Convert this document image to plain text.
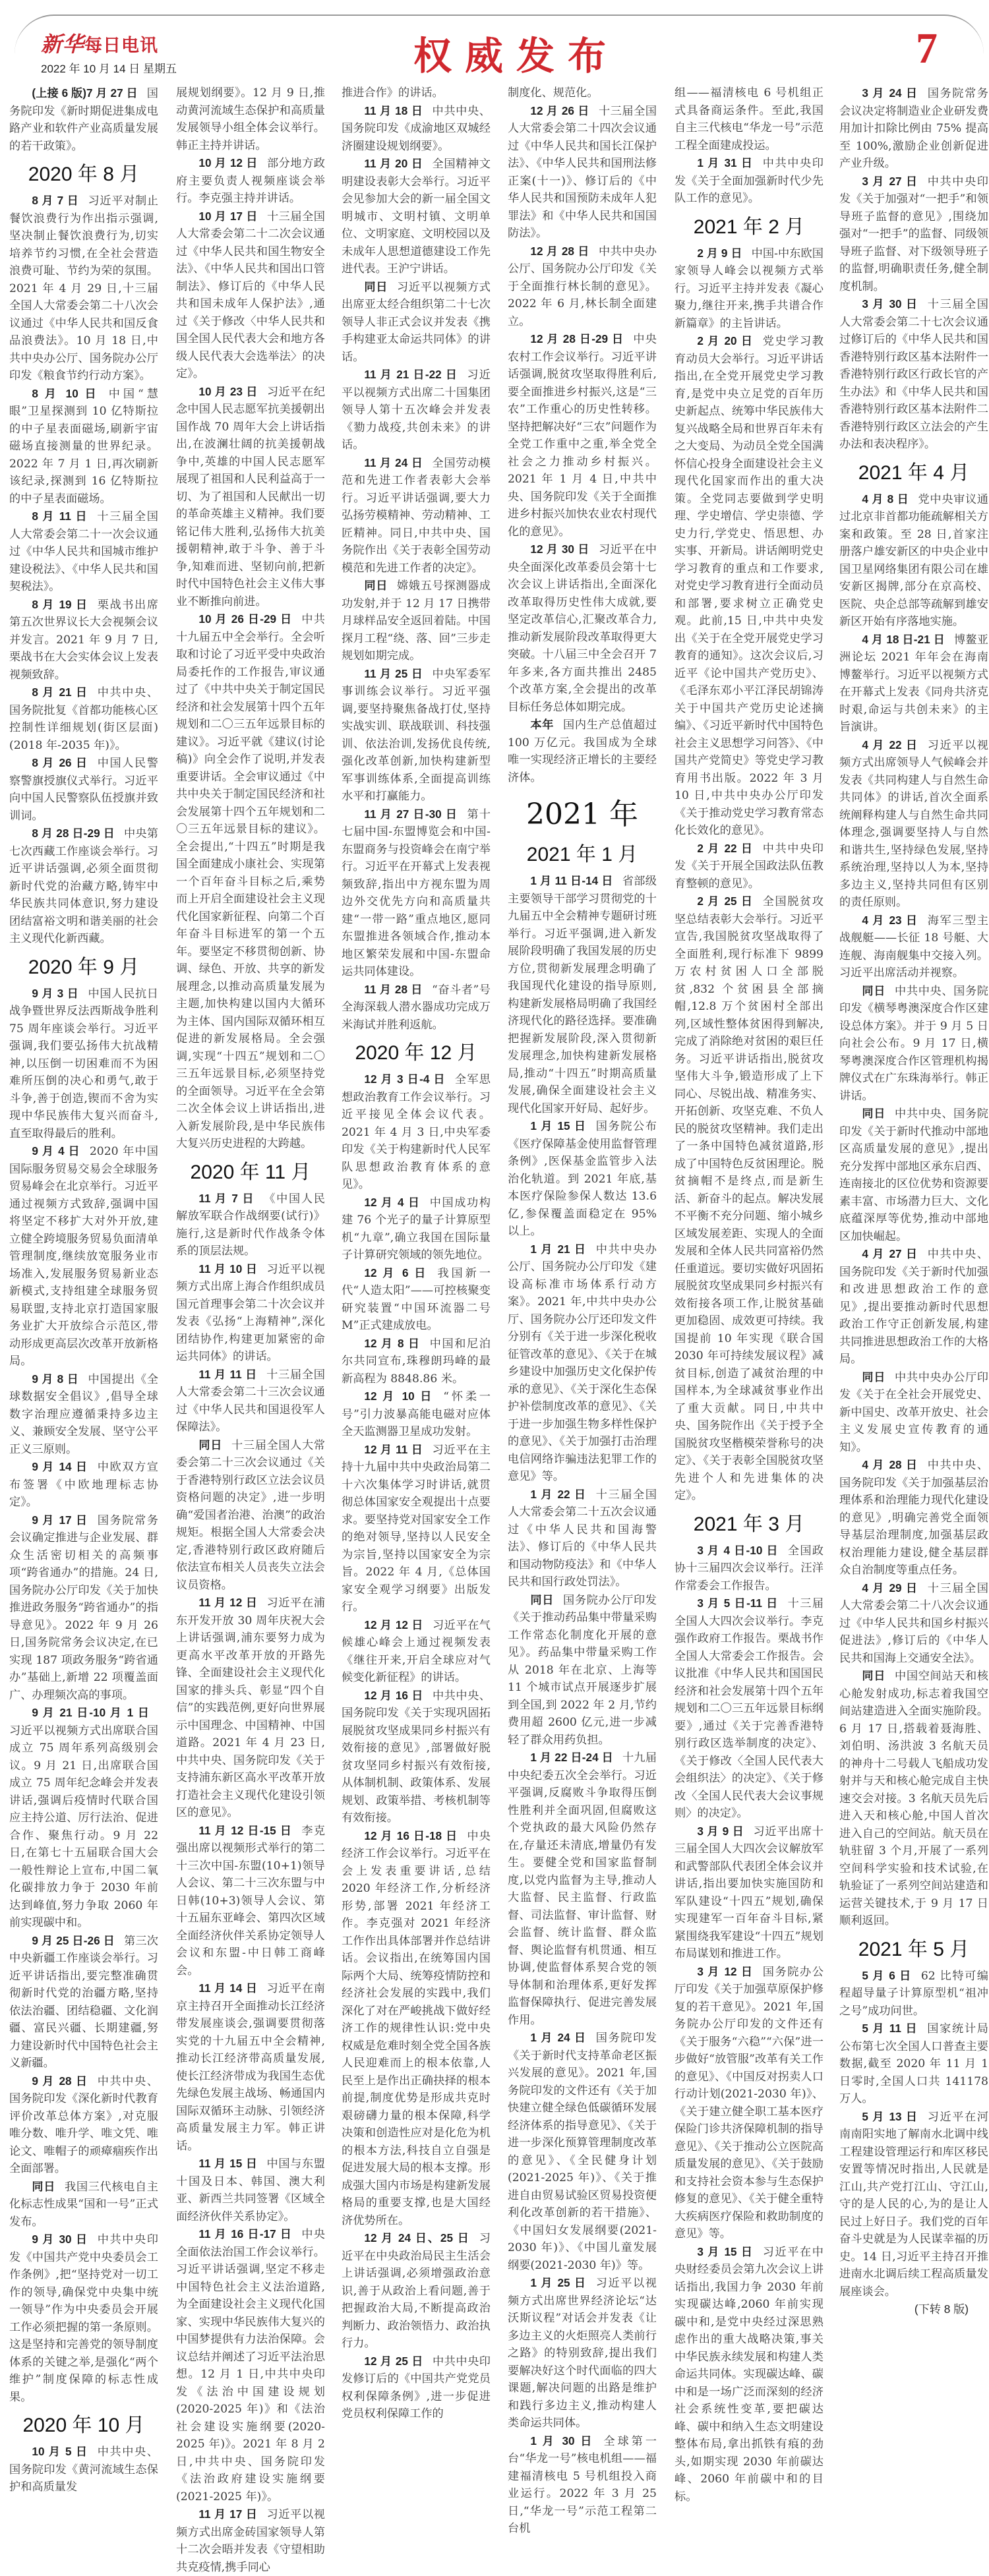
新华每日电讯
2022 年 10 月 14 日 星期五	权威发布	7

(上接 6 版)7 月 27 日 国务院印发《新时期促进集成电路产业和软件产业高质量发展的若干政策》。

2020 年 8 月

8 月 7 日 习近平对制止餐饮浪费行为作出指示强调,坚决制止餐饮浪费行为,切实培养节约习惯,在全社会营造浪费可耻、节约为荣的氛围。2021 年 4 月 29 日,十三届全国人大常委会第二十八次会议通过《中华人民共和国反食品浪费法》。10 月 18 日,中共中央办公厅、国务院办公厅印发《粮食节约行动方案》。

8 月 10 日 中国“慧眼”卫星探测到 10 亿特斯拉的中子星表面磁场,刷新宇宙磁场直接测量的世界纪录。2022 年 7 月 1 日,再次刷新该纪录,探测到 16 亿特斯拉的中子星表面磁场。

8 月 11 日 十三届全国人大常委会第二十一次会议通过《中华人民共和国城市维护建设税法》、《中华人民共和国契税法》。

8 月 19 日 栗战书出席第五次世界议长大会视频会议并发言。2021 年 9 月 7 日,栗战书在大会实体会议上发表视频致辞。

8 月 21 日 中共中央、国务院批复《首都功能核心区控制性详细规划(街区层面)(2018 年-2035 年)》。

8 月 26 日 中国人民警察警旗授旗仪式举行。习近平向中国人民警察队伍授旗并致训词。

8 月 28 日-29 日 中央第七次西藏工作座谈会举行。习近平讲话强调,必须全面贯彻新时代党的治藏方略,铸牢中华民族共同体意识,努力建设团结富裕文明和谐美丽的社会主义现代化新西藏。

2020 年 9 月

9 月 3 日 中国人民抗日战争暨世界反法西斯战争胜利 75 周年座谈会举行。习近平强调,我们要弘扬伟大抗战精神,以压倒一切困难而不为困难所压倒的决心和勇气,敢于斗争,善于创造,锲而不舍为实现中华民族伟大复兴而奋斗,直至取得最后的胜利。

9 月 4 日 2020 年中国国际服务贸易交易会全球服务贸易峰会在北京举行。习近平通过视频方式致辞,强调中国将坚定不移扩大对外开放,建立健全跨境服务贸易负面清单管理制度,继续放宽服务业市场准入,发展服务贸易新业态新模式,支持组建全球服务贸易联盟,支持北京打造国家服务业扩大开放综合示范区,带动形成更高层次改革开放新格局。

9 月 8 日 中国提出《全球数据安全倡议》,倡导全球数字治理应遵循秉持多边主义、兼顾安全发展、坚守公平正义三原则。

9 月 14 日 中欧双方宣布签署《中欧地理标志协定》。

9 月 17 日 国务院常务会议确定推进与企业发展、群众生活密切相关的高频事项“跨省通办”的措施。24 日,国务院办公厅印发《关于加快推进政务服务“跨省通办”的指导意见》。2022 年 9 月 26 日,国务院常务会议决定,在已实现 187 项政务服务“跨省通办”基础上,新增 22 项覆盖面广、办理频次高的事项。

9 月 21 日-10 月 1 日习近平以视频方式出席联合国成立 75 周年系列高级别会议。9 月 21 日,出席联合国成立 75 周年纪念峰会并发表讲话,强调后疫情时代联合国应主持公道、厉行法治、促进合作、聚焦行动。9 月 22 日,在第七十五届联合国大会一般性辩论上宣布,中国二氧化碳排放力争于 2030 年前达到峰值,努力争取 2060 年前实现碳中和。

9 月 25 日-26 日 第三次中央新疆工作座谈会举行。习近平讲话指出,要完整准确贯彻新时代党的治疆方略,坚持依法治疆、团结稳疆、文化润疆、富民兴疆、长期建疆,努力建设新时代中国特色社会主义新疆。

9 月 28 日 中共中央、国务院印发《深化新时代教育评价改革总体方案》,对克服唯分数、唯升学、唯文凭、唯论文、唯帽子的顽瘴痼疾作出全面部署。

同日 我国三代核电自主化标志性成果“国和一号”正式发布。

9 月 30 日 中共中央印发《中国共产党中央委员会工作条例》,把“坚持党对一切工作的领导,确保党中央集中统一领导”作为中央委员会开展工作必须把握的第一条原则。这是坚持和完善党的领导制度体系的关键之举,是强化“两个维护”制度保障的标志性成果。

2020 年 10 月

10 月 5 日 中共中央、国务院印发《黄河流域生态保护和高质量发

展规划纲要》。12 月 9 日,推动黄河流域生态保护和高质量发展领导小组全体会议举行。韩正主持并讲话。

10 月 12 日 部分地方政府主要负责人视频座谈会举行。李克强主持并讲话。

10 月 17 日 十三届全国人大常委会第二十二次会议通过《中华人民共和国生物安全法》、《中华人民共和国出口管制法》、修订后的《中华人民共和国未成年人保护法》,通过《关于修改〈中华人民共和国全国人民代表大会和地方各级人民代表大会选举法〉的决定》。

10 月 23 日 习近平在纪念中国人民志愿军抗美援朝出国作战 70 周年大会上讲话指出,在波澜壮阔的抗美援朝战争中,英雄的中国人民志愿军展现了祖国和人民利益高于一切、为了祖国和人民献出一切的革命英雄主义精神。我们要铭记伟大胜利,弘扬伟大抗美援朝精神,敢于斗争、善于斗争,知难而进、坚韧向前,把新时代中国特色社会主义伟大事业不断推向前进。

10 月 26 日-29 日 中共十九届五中全会举行。全会听取和讨论了习近平受中央政治局委托作的工作报告,审议通过了《中共中央关于制定国民经济和社会发展第十四个五年规划和二〇三五年远景目标的建议》。习近平就《建议(讨论稿)》向全会作了说明,并发表重要讲话。全会审议通过《中共中央关于制定国民经济和社会发展第十四个五年规划和二〇三五年远景目标的建议》。全会提出,“十四五”时期是我国全面建成小康社会、实现第一个百年奋斗目标之后,乘势而上开启全面建设社会主义现代化国家新征程、向第二个百年奋斗目标进军的第一个五年。要坚定不移贯彻创新、协调、绿色、开放、共享的新发展理念,以推动高质量发展为主题,加快构建以国内大循环为主体、国内国际双循环相互促进的新发展格局。全会强调,实现“十四五”规划和二〇三五年远景目标,必须坚持党的全面领导。习近平在全会第二次全体会议上讲话指出,进入新发展阶段,是中华民族伟大复兴历史进程的大跨越。

2020 年 11 月

11 月 7 日 《中国人民解放军联合作战纲要(试行)》施行,这是新时代作战条令体系的顶层法规。

11 月 10 日 习近平以视频方式出席上海合作组织成员国元首理事会第二十次会议并发表《弘扬“上海精神”,深化团结协作,构建更加紧密的命运共同体》的讲话。

11 月 11 日 十三届全国人大常委会第二十三次会议通过《中华人民共和国退役军人保障法》。

同日 十三届全国人大常委会第二十三次会议通过《关于香港特别行政区立法会议员资格问题的决定》,进一步明确“爱国者治港、治澳”的政治规矩。根据全国人大常委会决定,香港特别行政区政府随后依法宣布相关人员丧失立法会议员资格。

11 月 12 日 习近平在浦东开发开放 30 周年庆祝大会上讲话强调,浦东要努力成为更高水平改革开放的开路先锋、全面建设社会主义现代化国家的排头兵、彰显“四个自信”的实践范例,更好向世界展示中国理念、中国精神、中国道路。2021 年 4 月 23 日,中共中央、国务院印发《关于支持浦东新区高水平改革开放打造社会主义现代化建设引领区的意见》。

11 月 12 日-15 日 李克强出席以视频形式举行的第二十三次中国-东盟(10+1)领导人会议、第二十三次东盟与中日韩(10+3)领导人会议、第十五届东亚峰会、第四次区域全面经济伙伴关系协定领导人会议和东盟-中日韩工商峰会。

11 月 14 日 习近平在南京主持召开全面推动长江经济带发展座谈会,强调要贯彻落实党的十九届五中全会精神,推动长江经济带高质量发展,使长江经济带成为我国生态优先绿色发展主战场、畅通国内国际双循环主动脉、引领经济高质量发展主力军。韩正讲话。

11 月 15 日 中国与东盟十国及日本、韩国、澳大利亚、新西兰共同签署《区域全面经济伙伴关系协定》。

11 月 16 日-17 日 中央全面依法治国工作会议举行。习近平讲话强调,坚定不移走中国特色社会主义法治道路,为全面建设社会主义现代化国家、实现中华民族伟大复兴的中国梦提供有力法治保障。会议总结并阐述了习近平法治思想。12 月 1 日,中共中央印发《法治中国建设规划(2020-2025 年)》和《法治社会建设实施纲要(2020-2025 年)》。2021 年 8 月 2 日,中共中央、国务院印发《法治政府建设实施纲要(2021-2025 年)》。

11 月 17 日 习近平以视频方式出席金砖国家领导人第十二次会晤并发表《守望相助共克疫情,携手同心

推进合作》的讲话。

11 月 18 日 中共中央、国务院印发《成渝地区双城经济圈建设规划纲要》。

11 月 20 日 全国精神文明建设表彰大会举行。习近平会见参加大会的新一届全国文明城市、文明村镇、文明单位、文明家庭、文明校园以及未成年人思想道德建设工作先进代表。王沪宁讲话。

同日 习近平以视频方式出席亚太经合组织第二十七次领导人非正式会议并发表《携手构建亚太命运共同体》的讲话。

11 月 21 日-22 日 习近平以视频方式出席二十国集团领导人第十五次峰会并发表《勠力战疫,共创未来》的讲话。

11 月 24 日 全国劳动模范和先进工作者表彰大会举行。习近平讲话强调,要大力弘扬劳模精神、劳动精神、工匠精神。同日,中共中央、国务院作出《关于表彰全国劳动模范和先进工作者的决定》。

同日 嫦娥五号探测器成功发射,并于 12 月 17 日携带月球样品安全返回着陆。中国探月工程“绕、落、回”三步走规划如期完成。

11 月 25 日 中央军委军事训练会议举行。习近平强调,要坚持聚焦备战打仗,坚持实战实训、联战联训、科技强训、依法治训,发扬优良传统,强化改革创新,加快构建新型军事训练体系,全面提高训练水平和打赢能力。

11 月 27 日-30 日 第十七届中国-东盟博览会和中国-东盟商务与投资峰会在南宁举行。习近平在开幕式上发表视频致辞,指出中方视东盟为周边外交优先方向和高质量共建“一带一路”重点地区,愿同东盟推进各领域合作,推动本地区繁荣发展和中国-东盟命运共同体建设。

11 月 28 日 “奋斗者”号全海深载人潜水器成功完成万米海试并胜利返航。

2020 年 12 月

12 月 3 日-4 日 全军思想政治教育工作会议举行。习近平接见全体会议代表。2021 年 4 月 3 日,中央军委印发《关于构建新时代人民军队思想政治教育体系的意见》。

12 月 4 日 中国成功构建 76 个光子的量子计算原型机“九章”,确立我国在国际量子计算研究领域的领先地位。

12 月 6 日 我国新一代“人造太阳”——可控核聚变研究装置“中国环流器二号 M”正式建成放电。

12 月 8 日 中国和尼泊尔共同宣布,珠穆朗玛峰的最新高程为 8848.86 米。

12 月 10 日 “怀柔一号”引力波暴高能电磁对应体全天监测器卫星成功发射。

12 月 11 日 习近平在主持十九届中共中央政治局第二十六次集体学习时讲话,就贯彻总体国家安全观提出十点要求。要坚持党对国家安全工作的绝对领导,坚持以人民安全为宗旨,坚持以国家安全为宗旨。2022 年 4 月,《总体国家安全观学习纲要》出版发行。

12 月 12 日 习近平在气候雄心峰会上通过视频发表《继往开来,开启全球应对气候变化新征程》的讲话。

12 月 16 日 中共中央、国务院印发《关于实现巩固拓展脱贫攻坚成果同乡村振兴有效衔接的意见》,部署做好脱贫攻坚同乡村振兴有效衔接,从体制机制、政策体系、发展规划、政策举措、考核机制等有效衔接。

12 月 16 日-18 日 中央经济工作会议举行。习近平在会上发表重要讲话,总结 2020 年经济工作,分析经济形势,部署 2021 年经济工作。李克强对 2021 年经济工作作出具体部署并作总结讲话。会议指出,在统筹国内国际两个大局、统筹疫情防控和经济社会发展的实践中,我们深化了对在严峻挑战下做好经济工作的规律性认识:党中央权威是危难时刻全党全国各族人民迎难而上的根本依靠,人民至上是作出正确抉择的根本前提,制度优势是形成共克时艰磅礴力量的根本保障,科学决策和创造性应对是化危为机的根本方法,科技自立自强是促进发展大局的根本支撑。形成强大国内市场是构建新发展格局的重要支撑,也是大国经济优势所在。

12 月 24 日、25 日 习近平在中央政治局民主生活会上讲话强调,必须增强政治意识,善于从政治上看问题,善于把握政治大局,不断提高政治判断力、政治领悟力、政治执行力。

12 月 25 日 中共中央印发修订后的《中国共产党党员权利保障条例》,进一步促进党员权利保障工作的

制度化、规范化。

12 月 26 日 十三届全国人大常委会第二十四次会议通过《中华人民共和国长江保护法》、《中华人民共和国刑法修正案(十一)》、修订后的《中华人民共和国预防未成年人犯罪法》和《中华人民共和国国防法》。

12 月 28 日 中共中央办公厅、国务院办公厅印发《关于全面推行林长制的意见》。2022 年 6 月,林长制全面建立。

12 月 28 日-29 日 中央农村工作会议举行。习近平讲话强调,脱贫攻坚取得胜利后,要全面推进乡村振兴,这是“三农”工作重心的历史性转移。坚持把解决好“三农”问题作为全党工作重中之重,举全党全社会之力推动乡村振兴。2021 年 1 月 4 日,中共中央、国务院印发《关于全面推进乡村振兴加快农业农村现代化的意见》。

12 月 30 日 习近平在中央全面深化改革委员会第十七次会议上讲话指出,全面深化改革取得历史性伟大成就,要坚定改革信心,汇聚改革合力,推动新发展阶段改革取得更大突破。十八届三中全会召开 7 年多来,各方面共推出 2485 个改革方案,全会提出的改革目标任务总体如期完成。

本年 国内生产总值超过 100 万亿元。我国成为全球唯一实现经济正增长的主要经济体。

2021 年
2021 年 1 月

1 月 11 日-14 日 省部级主要领导干部学习贯彻党的十九届五中全会精神专题研讨班举行。习近平强调,进入新发展阶段明确了我国发展的历史方位,贯彻新发展理念明确了我国现代化建设的指导原则,构建新发展格局明确了我国经济现代化的路径选择。要准确把握新发展阶段,深入贯彻新发展理念,加快构建新发展格局,推动“十四五”时期高质量发展,确保全面建设社会主义现代化国家开好局、起好步。

1 月 15 日 国务院公布《医疗保障基金使用监督管理条例》,医保基金监管步入法治化轨道。到 2021 年底,基本医疗保险参保人数达 13.6 亿,参保覆盖面稳定在 95% 以上。

1 月 21 日 中共中央办公厅、国务院办公厅印发《建设高标准市场体系行动方案》。2021 年,中共中央办公厅、国务院办公厅还印发文件分别有《关于进一步深化税收征管改革的意见》、《关于在城乡建设中加强历史文化保护传承的意见》、《关于深化生态保护补偿制度改革的意见》、《关于进一步加强生物多样性保护的意见》、《关于加强打击治理电信网络诈骗违法犯罪工作的意见》等。

1 月 22 日 十三届全国人大常委会第二十五次会议通过《中华人民共和国海警法》、修订后的《中华人民共和国动物防疫法》和《中华人民共和国行政处罚法》。

同日 国务院办公厅印发《关于推动药品集中带量采购工作常态化制度化开展的意见》。药品集中带量采购工作从 2018 年在北京、上海等 11 个城市试点开展逐步扩展到全国,到 2022 年 2 月,节约费用超 2600 亿元,进一步减轻了群众用药负担。

1 月 22 日-24 日 十九届中央纪委五次全会举行。习近平强调,反腐败斗争取得压倒性胜利并全面巩固,但腐败这个党执政的最大风险仍然存在,存量还未清底,增量仍有发生。要健全党和国家监督制度,以党内监督为主导,推动人大监督、民主监督、行政监督、司法监督、审计监督、财会监督、统计监督、群众监督、舆论监督有机贯通、相互协调,使监督体系契合党的领导体制和治理体系,更好发挥监督保障执行、促进完善发展作用。

1 月 24 日 国务院印发《关于新时代支持革命老区振兴发展的意见》。2021 年,国务院印发的文件还有《关于加快建立健全绿色低碳循环发展经济体系的指导意见》、《关于进一步深化预算管理制度改革的意见》、《全民健身计划(2021-2025 年)》、《关于推进自由贸易试验区贸易投资便利化改革创新的若干措施》、《中国妇女发展纲要(2021-2030 年)》、《中国儿童发展纲要(2021-2030 年)》等。

1 月 25 日 习近平以视频方式出席世界经济论坛“达沃斯议程”对话会并发表《让多边主义的火炬照亮人类前行之路》的特别致辞,提出我们要解决好这个时代面临的四大课题,解决问题的出路是维护和践行多边主义,推动构建人类命运共同体。

1 月 30 日 全球第一台“华龙一号”核电机组——福建福清核电 5 号机组投入商业运行。2022 年 3 月 25 日,“华龙一号”示范工程第二台机

组——福清核电 6 号机组正式具备商运条件。至此,我国自主三代核电“华龙一号”示范工程全面建成投运。

1 月 31 日 中共中央印发《关于全面加强新时代少先队工作的意见》。

2021 年 2 月

2 月 9 日 中国-中东欧国家领导人峰会以视频方式举行。习近平主持并发表《凝心聚力,继往开来,携手共谱合作新篇章》的主旨讲话。

2 月 20 日 党史学习教育动员大会举行。习近平讲话指出,在全党开展党史学习教育,是党中央立足党的百年历史新起点、统筹中华民族伟大复兴战略全局和世界百年未有之大变局、为动员全党全国满怀信心投身全面建设社会主义现代化国家而作出的重大决策。全党同志要做到学史明理、学史增信、学史崇德、学史力行,学党史、悟思想、办实事、开新局。讲话阐明党史学习教育的重点和工作要求,对党史学习教育进行全面动员和部署,要求树立正确党史观。此前,15 日,中共中央发出《关于在全党开展党史学习教育的通知》。这次会议后,习近平《论中国共产党历史》、《毛泽东邓小平江泽民胡锦涛关于中国共产党历史论述摘编》、《习近平新时代中国特色社会主义思想学习问答》、《中国共产党简史》等党史学习教育用书出版。2022 年 3 月 10 日,中共中央办公厅印发《关于推动党史学习教育常态化长效化的意见》。

2 月 22 日 中共中央印发《关于开展全国政法队伍教育整顿的意见》。

2 月 25 日 全国脱贫攻坚总结表彰大会举行。习近平宣告,我国脱贫攻坚战取得了全面胜利,现行标准下 9899 万农村贫困人口全部脱贫,832 个贫困县全部摘帽,12.8 万个贫困村全部出列,区域性整体贫困得到解决,完成了消除绝对贫困的艰巨任务。习近平讲话指出,脱贫攻坚伟大斗争,锻造形成了上下同心、尽锐出战、精准务实、开拓创新、攻坚克难、不负人民的脱贫攻坚精神。我们走出了一条中国特色减贫道路,形成了中国特色反贫困理论。脱贫摘帽不是终点,而是新生活、新奋斗的起点。解决发展不平衡不充分问题、缩小城乡区域发展差距、实现人的全面发展和全体人民共同富裕仍然任重道远。要切实做好巩固拓展脱贫攻坚成果同乡村振兴有效衔接各项工作,让脱贫基础更加稳固、成效更可持续。我国提前 10 年实现《联合国 2030 年可持续发展议程》减贫目标,创造了减贫治理的中国样本,为全球减贫事业作出了重大贡献。同日,中共中央、国务院作出《关于授予全国脱贫攻坚楷模荣誉称号的决定》、《关于表彰全国脱贫攻坚先进个人和先进集体的决定》。

2021 年 3 月

3 月 4 日-10 日 全国政协十三届四次会议举行。汪洋作常委会工作报告。

3 月 5 日-11 日 十三届全国人大四次会议举行。李克强作政府工作报告。栗战书作全国人大常委会工作报告。会议批准《中华人民共和国国民经济和社会发展第十四个五年规划和二〇三五年远景目标纲要》,通过《关于完善香港特别行政区选举制度的决定》、《关于修改〈全国人民代表大会组织法〉的决定》、《关于修改〈全国人民代表大会议事规则〉的决定》。

3 月 9 日 习近平出席十三届全国人大四次会议解放军和武警部队代表团全体会议并讲话,指出要加快实施国防和军队建设“十四五”规划,确保实现建军一百年奋斗目标,紧紧围绕我军建设“十四五”规划布局谋划和推进工作。

3 月 12 日 国务院办公厅印发《关于加强草原保护修复的若干意见》。2021 年,国务院办公厅印发的文件还有《关于服务“六稳”“六保”进一步做好“放管服”改革有关工作的意见》、《中国反对拐卖人口行动计划(2021-2030 年)》、《关于建立健全职工基本医疗保险门诊共济保障机制的指导意见》、《关于推动公立医院高质量发展的意见》、《关于鼓励和支持社会资本参与生态保护修复的意见》、《关于健全重特大疾病医疗保险和救助制度的意见》等。

3 月 15 日 习近平在中央财经委员会第九次会议上讲话指出,我国力争 2030 年前实现碳达峰,2060 年前实现碳中和,是党中央经过深思熟虑作出的重大战略决策,事关中华民族永续发展和构建人类命运共同体。实现碳达峰、碳中和是一场广泛而深刻的经济社会系统性变革,要把碳达峰、碳中和纳入生态文明建设整体布局,拿出抓铁有痕的劲头,如期实现 2030 年前碳达峰、2060 年前碳中和的目标。

3 月 24 日 国务院常务会议决定将制造业企业研发费用加计扣除比例由 75% 提高至 100%,激励企业创新促进产业升级。

3 月 27 日 中共中央印发《关于加强对“一把手”和领导班子监督的意见》,围绕加强对“一把手”的监督、同级领导班子监督、对下级领导班子的监督,明确职责任务,健全制度机制。

3 月 30 日 十三届全国人大常委会第二十七次会议通过修订后的《中华人民共和国香港特别行政区基本法附件一香港特别行政区行政长官的产生办法》和《中华人民共和国香港特别行政区基本法附件二香港特别行政区立法会的产生办法和表决程序》。

2021 年 4 月

4 月 8 日 党中央审议通过北京非首都功能疏解相关方案和政策。至 28 日,首家注册落户雄安新区的中央企业中国卫星网络集团有限公司在雄安新区揭牌,部分在京高校、医院、央企总部等疏解到雄安新区开始有序落地实施。

4 月 18 日-21 日 博鳌亚洲论坛 2021 年年会在海南博鳌举行。习近平以视频方式在开幕式上发表《同舟共济克时艰,命运与共创未来》的主旨演讲。

4 月 22 日 习近平以视频方式出席领导人气候峰会并发表《共同构建人与自然生命共同体》的讲话,首次全面系统阐释构建人与自然生命共同体理念,强调要坚持人与自然和谐共生,坚持绿色发展,坚持系统治理,坚持以人为本,坚持多边主义,坚持共同但有区别的责任原则。

4 月 23 日 海军三型主战舰艇——长征 18 号艇、大连舰、海南舰集中交接入列。习近平出席活动并视察。

同日 中共中央、国务院印发《横琴粤澳深度合作区建设总体方案》。并于 9 月 5 日向社会公布。9 月 17 日,横琴粤澳深度合作区管理机构揭牌仪式在广东珠海举行。韩正讲话。

同日 中共中央、国务院印发《关于新时代推动中部地区高质量发展的意见》,提出充分发挥中部地区承东启西、连南接北的区位优势和资源要素丰富、市场潜力巨大、文化底蕴深厚等优势,推动中部地区加快崛起。

4 月 27 日 中共中央、国务院印发《关于新时代加强和改进思想政治工作的意见》,提出要推动新时代思想政治工作守正创新发展,构建共同推进思想政治工作的大格局。

同日 中共中央办公厅印发《关于在全社会开展党史、新中国史、改革开放史、社会主义发展史宣传教育的通知》。

4 月 28 日 中共中央、国务院印发《关于加强基层治理体系和治理能力现代化建设的意见》,明确完善党全面领导基层治理制度,加强基层政权治理能力建设,健全基层群众自治制度等重点任务。

4 月 29 日 十三届全国人大常委会第二十八次会议通过《中华人民共和国乡村振兴促进法》,修订后的《中华人民共和国海上交通安全法》。

同日 中国空间站天和核心舱发射成功,标志着我国空间站建造进入全面实施阶段。6 月 17 日,搭载着聂海胜、刘伯明、汤洪波 3 名航天员的神舟十二号载人飞船成功发射并与天和核心舱完成自主快速交会对接。3 名航天员先后进入天和核心舱,中国人首次进入自己的空间站。航天员在轨驻留 3 个月,开展了一系列空间科学实验和技术试验,在轨验证了一系列空间站建造和运营关键技术,于 9 月 17 日顺利返回。

2021 年 5 月

5 月 6 日 62 比特可编程超导量子计算原型机“祖冲之号”成功问世。

5 月 11 日 国家统计局公布第七次全国人口普查主要数据,截至 2020 年 11 月 1 日零时,全国人口共 141178 万人。

5 月 13 日 习近平在河南南阳实地了解南水北调中线工程建设管理运行和库区移民安置等情况时指出,人民就是江山,共产党打江山、守江山,守的是人民的心,为的是让人民过上好日子。我们党的百年奋斗史就是为人民谋幸福的历史。14 日,习近平主持召开推进南水北调后续工程高质量发展座谈会。

(下转 8 版)
